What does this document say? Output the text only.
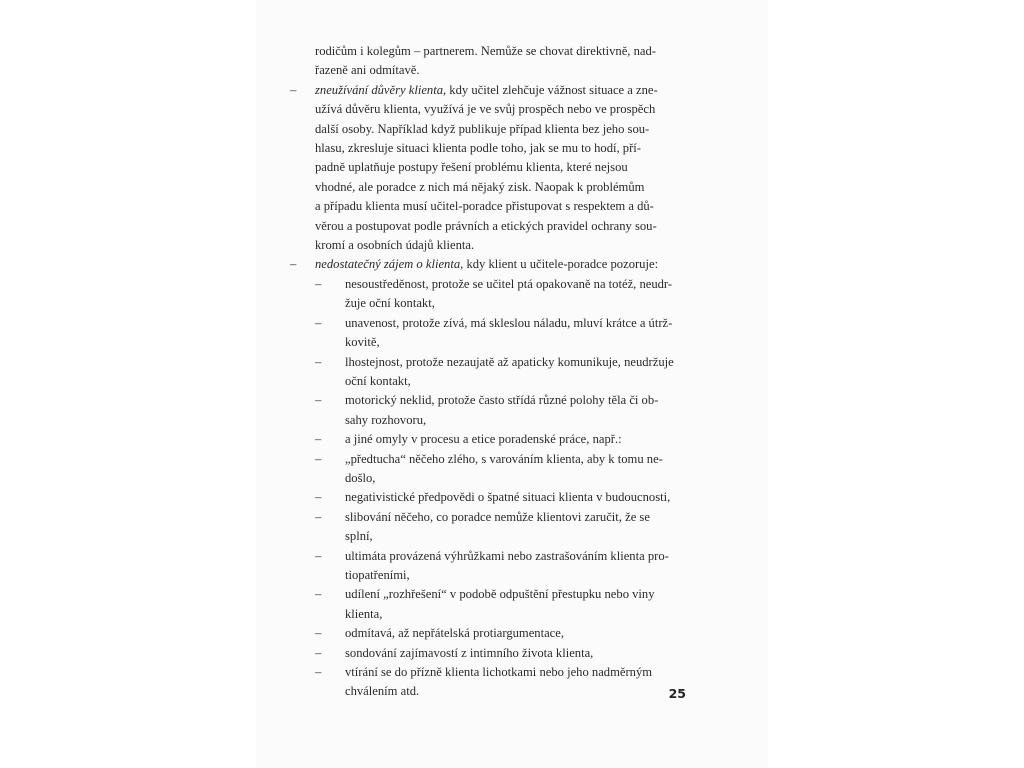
rodičům i kolegům – partnerem. Nemůže se chovat direktivně, nad-
řazeně ani odmítavě.
– zneužívání důvěry klienta, kdy učitel zlehčuje vážnost situace a zne-
užívá důvěru klienta, využívá je ve svůj prospěch nebo ve prospěch
další osoby. Například když publikuje případ klienta bez jeho sou-
hlasu, zkresluje situaci klienta podle toho, jak se mu to hodí, pří-
padně uplatňuje postupy řešení problému klienta, které nejsou
vhodné, ale poradce z nich má nějaký zisk. Naopak k problémům
a případu klienta musí učitel-poradce přistupovat s respektem a dů-
věrou a postupovat podle právních a etických pravidel ochrany sou-
kromí a osobních údajů klienta.
– nedostatečný zájem o klienta, kdy klient u učitele-poradce pozoruje:
– nesoustředěnost, protože se učitel ptá opakovaně na totéž, neudr-
žuje oční kontakt,
– unavenost, protože zívá, má skleslou náladu, mluví krátce a útrž-
kovitě,
– lhostejnost, protože nezaujatě až apaticky komunikuje, neudržuje
oční kontakt,
– motorický neklid, protože často střídá různé polohy těla či ob-
sahy rozhovoru,
– a jiné omyly v procesu a etice poradenské práce, např.:
– „předtucha“ něčeho zlého, s varováním klienta, aby k tomu ne-
došlo,
– negativistické předpovědi o špatné situaci klienta v budoucnosti,
– slibování něčeho, co poradce nemůže klientovi zaručit, že se
splní,
– ultimáta provázená výhrůžkami nebo zastrašováním klienta pro-
tiopatřeními,
– udílení „rozhřešení“ v podobě odpuštění přestupku nebo viny
klienta,
– odmítavá, až nepřátelská protiargumentace,
– sondování zajímavostí z intimního života klienta,
– vtírání se do přízně klienta lichotkami nebo jeho nadměrným
chválením atd.	25
